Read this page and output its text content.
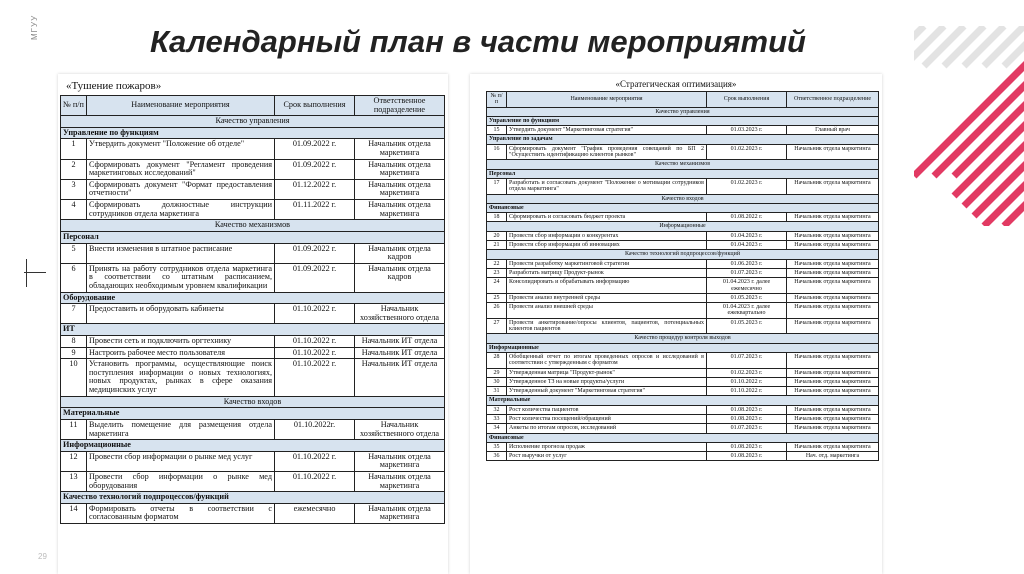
МГУУ
29
Календарный план в части мероприятий
«Тушение пожаров»
№ п/п	Наименование мероприятия	Срок выполнения	Ответственное подразделение
Качество управления			
Управление по функциям			
1	Утвердить документ "Положение об отделе"	01.09.2022 г.	Начальник отдела маркетинга
2	Сформировать документ "Регламент проведения маркетинговых исследований"	01.09.2022 г.	Начальник отдела маркетинга
3	Сформировать документ "Формат предоставления отчетности"	01.12.2022 г.	Начальник отдела маркетинга
4	Сформировать должностные инструкции сотрудников отдела маркетинга	01.11.2022 г.	Начальник отдела маркетинга
Качество механизмов			
Персонал			
5	Внести изменения в штатное расписание	01.09.2022 г.	Начальник отдела кадров
6	Принять на работу сотрудников отдела маркетинга в соответствии со штатным расписанием, обладающих необходимым уровнем квалификации	01.09.2022 г.	Начальник отдела кадров
Оборудование			
7	Предоставить и оборудовать кабинеты	01.10.2022 г.	Начальник хозяйственного отдела
ИТ			
8	Провести сеть и подключить оргтехнику	01.10.2022 г.	Начальник ИТ отдела
9	Настроить рабочее место пользователя	01.10.2022 г.	Начальник ИТ отдела
10	Установить программы, осуществляющие поиск поступления информации о новых технологиях, новых продуктах, рынках в сфере оказания медицинских услуг	01.10.2022 г.	Начальник ИТ отдела
Качество входов			
Материальные			
11	Выделить помещение для размещения отдела маркетинга	01.10.2022г.	Начальник хозяйственного отдела
Информационные			
12	Провести сбор информации о рынке мед услуг	01.10.2022 г.	Начальник отдела маркетинга
13	Провести сбор информации о рынке мед оборудования	01.10.2022 г.	Начальник отдела маркетинга
Качество технологий подпроцессов/функций			
14	Формировать отчеты в соответствии с согласованным форматом	ежемесячно	Начальник отдела маркетинга
«Стратегическая оптимизация»
№ п/п	Наименование мероприятия	Срок выполнения	Ответственное подразделение
Качество управления			
Управление по функциям			
15	Утвердить документ "Маркетинговая стратегия"	01.03.2023 г.	Главный врач
Управление по задачам			
16	Сформировать документ "График проведения совещаний по БП 2 "Осуществить идентификацию клиентов рынков"	01.02.2023 г.	Начальник отдела маркетинга
Качество механизмов			
Персонал			
17	Разработать и согласовать документ "Положение о мотивации сотрудников отдела маркетинга"	01.02.2023 г.	Начальник отдела маркетинга
Качество входов			
Финансовые			
18	Сформировать и согласовать бюджет проекта	01.08.2022 г.	Начальник отдела маркетинга
Информационные			
20	Провести сбор информации о конкурентах	01.04.2023 г.	Начальник отдела маркетинга
21	Провести сбор информации об инновациях	01.04.2023 г.	Начальник отдела маркетинга
Качество технологий подпроцессов/функций			
22	Провести разработку маркетинговой стратегии	01.06.2023 г.	Начальник отдела маркетинга
23	Разработать матрицу Продукт-рынок	01.07.2023 г.	Начальник отдела маркетинга
24	Консолидировать и обрабатывать информацию	01.04.2023 г. далее ежемесячно	Начальник отдела маркетинга
25	Провести анализ внутренней среды	01.05.2023 г.	Начальник отдела маркетинга
26	Провести анализ внешней среды	01.04.2023 г. далее ежеквартально	Начальник отдела маркетинга
27	Провести анкетирование/опросы клиентов, пациентов, потенциальных клиентов пациентов	01.05.2023 г.	Начальник отдела маркетинга
Качество процедур контроля выходов			
Информационные			
28	Обобщенный отчет по итогам проведенных опросов и исследований в соответствии с утвержденным с форматом	01.07.2023 г.	Начальник отдела маркетинга
29	Утвержденная матрица "Продукт-рынок"	01.02.2023 г.	Начальник отдела маркетинга
30	Утвержденное ТЗ на новые продукты/услуги	01.10.2022 г.	Начальник отдела маркетинга
31	Утвержденный документ "Маркетинговая стратегия"	01.10.2022 г.	Начальник отдела маркетинга
Материальные			
32	Рост количества пациентов	01.08.2023 г.	Начальник отдела маркетинга
33	Рост количества посещений/обращений	01.08.2023 г.	Начальник отдела маркетинга
34	Анкеты по итогам опросов, исследований	01.07.2023 г.	Начальник отдела маркетинга
Финансовые			
35	Исполнение прогноза продаж	01.08.2023 г.	Начальник отдела маркетинга
36	Рост выручки от услуг	01.08.2023 г.	Нач. отд. маркетинга
